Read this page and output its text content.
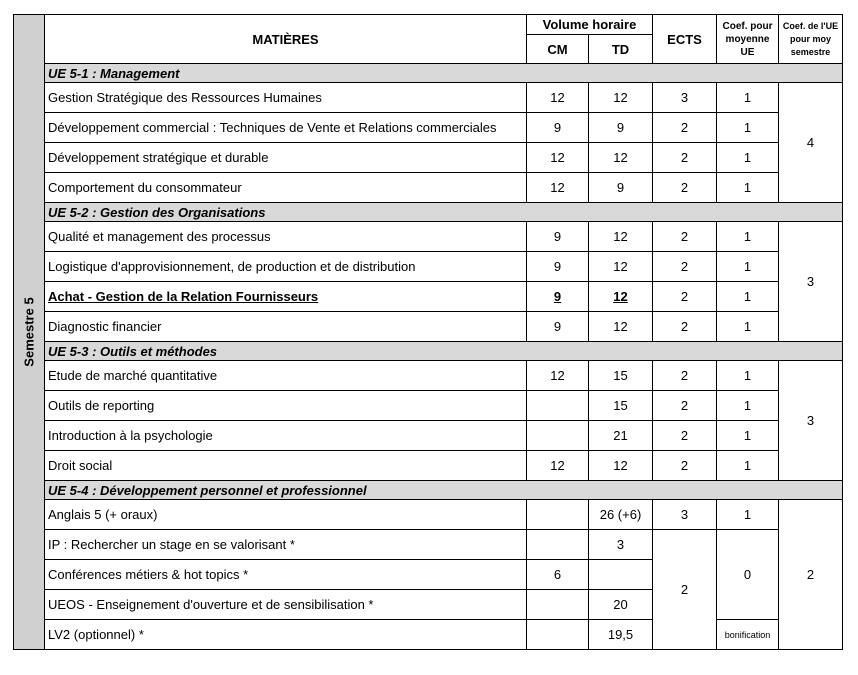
Semestre 5	MATIÈRES	Volume horaire		ECTS	Coef. pour
moyenne
UE	Coef. de l'UE
pour moy
semestre
		CM	TD			
	UE 5-1 : Management					
	Gestion Stratégique des Ressources Humaines	12	12	3	1	4
	Développement commercial : Techniques de Vente et Relations commerciales	9	9	2	1	
	Développement stratégique et durable	12	12	2	1	
	Comportement du consommateur	12	9	2	1	
	UE 5-2 : Gestion des Organisations					
	Qualité et management des processus	9	12	2	1	3
	Logistique d'approvisionnement, de production et de distribution	9	12	2	1	
	Achat - Gestion de la Relation Fournisseurs	9	12	2	1	
	Diagnostic financier	9	12	2	1	
	UE 5-3 : Outils et méthodes					
	Etude de marché quantitative	12	15	2	1	3
	Outils de reporting		15	2	1	
	Introduction à la psychologie		21	2	1	
	Droit social	12	12	2	1	
	UE 5-4 : Développement personnel et professionnel					
	Anglais 5 (+ oraux)		26 (+6)	3	1	2
	IP : Rechercher un stage en se valorisant *		3	2	0	
	Conférences métiers & hot topics *	6				
	UEOS - Enseignement d'ouverture et de sensibilisation *		20			
	LV2 (optionnel) *		19,5		bonification	
